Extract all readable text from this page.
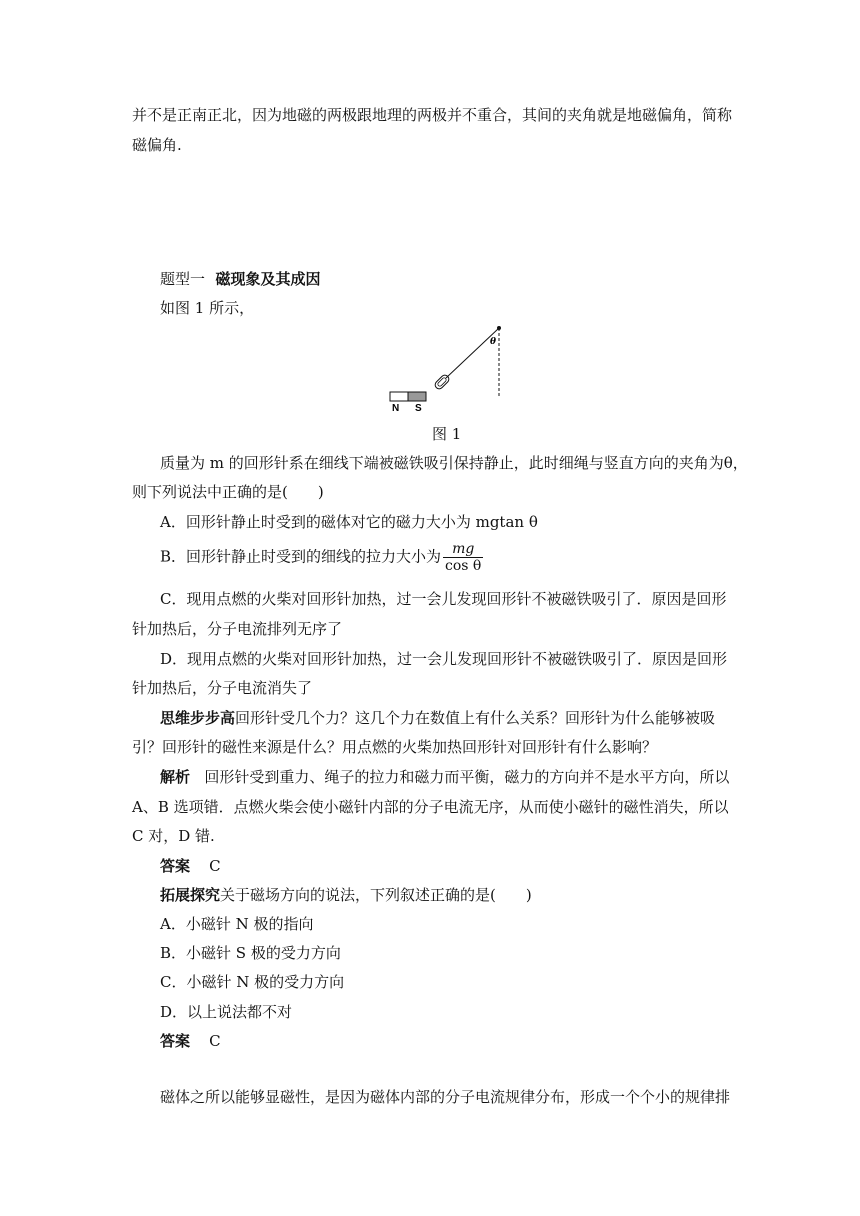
并不是正南正北，因为地磁的两极跟地理的两极并不重合，其间的夹角就是地磁偏角，简称
磁偏角.
题型一 磁现象及其成因
如图 1 所示，
N S
θ
图 1
质量为 m 的回形针系在细线下端被磁铁吸引保持静止，此时细绳与竖直方向的夹角为θ，
则下列说法中正确的是(　　)
A．回形针静止时受到的磁体对它的磁力大小为 mgtan θ
B．回形针静止时受到的细线的拉力大小为 $\frac{mg}{\text{cos θ}}$
C．现用点燃的火柴对回形针加热，过一会儿发现回形针不被磁铁吸引了．原因是回形
针加热后，分子电流排列无序了
D．现用点燃的火柴对回形针加热，过一会儿发现回形针不被磁铁吸引了．原因是回形
针加热后，分子电流消失了
思维步步高回形针受几个力？这几个力在数值上有什么关系？回形针为什么能够被吸
引？回形针的磁性来源是什么？用点燃的火柴加热回形针对回形针有什么影响？
解析 回形针受到重力、绳子的拉力和磁力而平衡，磁力的方向并不是水平方向，所以
A、B 选项错．点燃火柴会使小磁针内部的分子电流无序，从而使小磁针的磁性消失，所以
C 对，D 错.
答案 C
拓展探究关于磁场方向的说法，下列叙述正确的是(　　)
A．小磁针 N 极的指向
B．小磁针 S 极的受力方向
C．小磁针 N 极的受力方向
D．以上说法都不对
答案 C
磁体之所以能够显磁性，是因为磁体内部的分子电流规律分布，形成一个个小的规律排
